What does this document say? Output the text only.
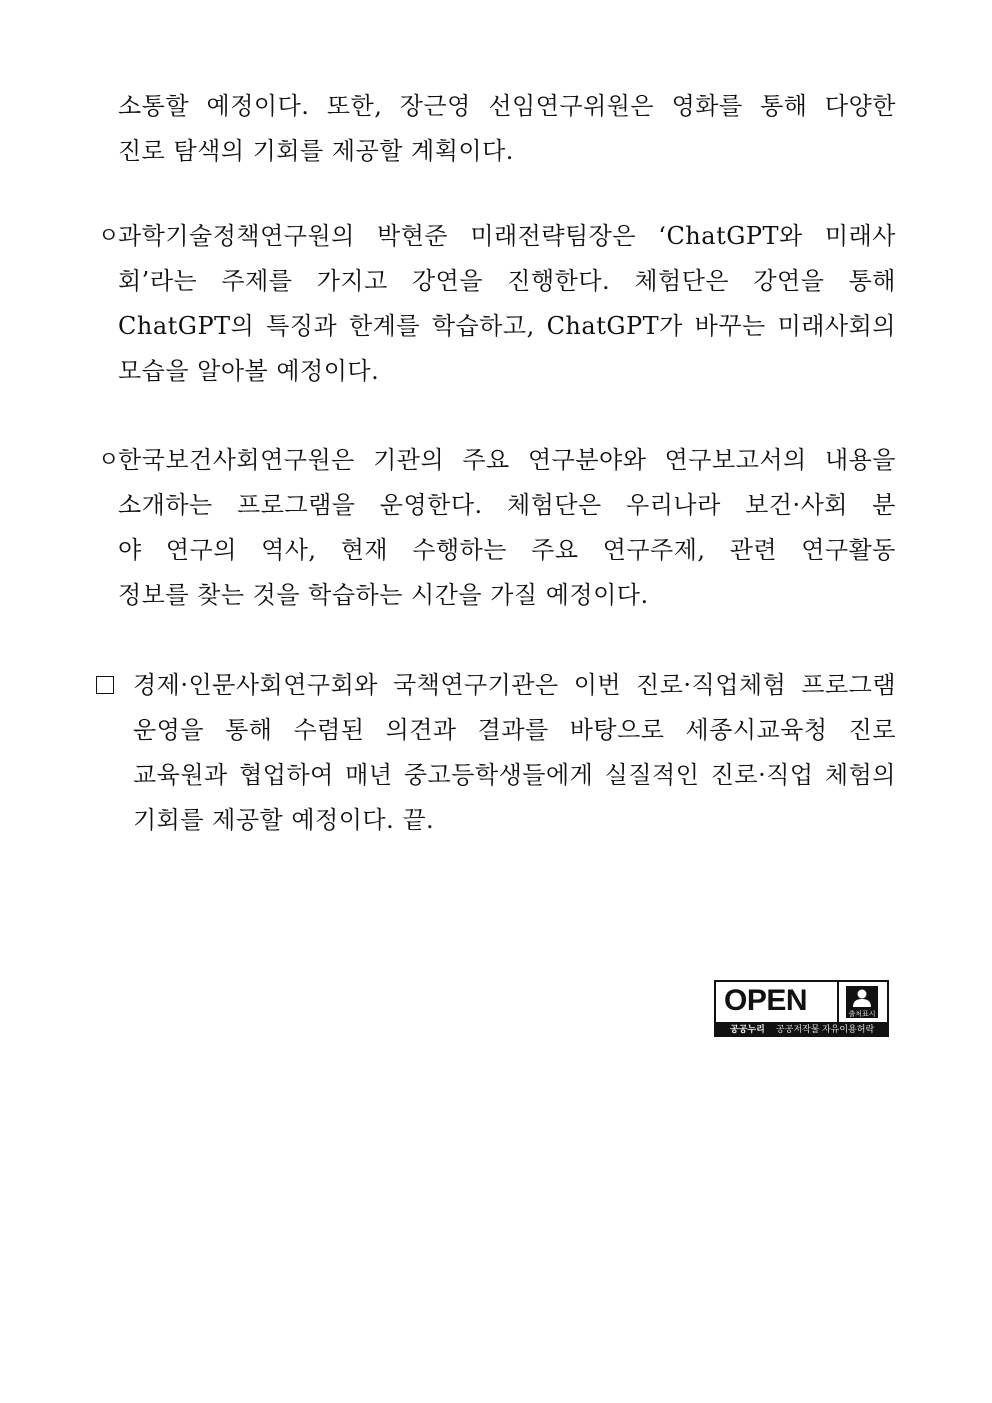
소통할 예정이다. 또한, 장근영 선임연구위원은 영화를 통해 다양한
진로 탐색의 기회를 제공할 계획이다.
ㅇ
과학기술정책연구원의 박현준 미래전략팀장은 ‘ChatGPT와 미래사
회’라는 주제를 가지고 강연을 진행한다. 체험단은 강연을 통해
ChatGPT의 특징과 한계를 학습하고, ChatGPT가 바꾸는 미래사회의
모습을 알아볼 예정이다.
ㅇ
한국보건사회연구원은 기관의 주요 연구분야와 연구보고서의 내용을
소개하는 프로그램을 운영한다. 체험단은 우리나라 보건·사회 분
야 연구의 역사, 현재 수행하는 주요 연구주제, 관련 연구활동
정보를 찾는 것을 학습하는 시간을 가질 예정이다.
경제·인문사회연구회와 국책연구기관은 이번 진로·직업체험 프로그램
운영을 통해 수렴된 의견과 결과를 바탕으로 세종시교육청 진로
교육원과 협업하여 매년 중고등학생들에게 실질적인 진로·직업 체험의
기회를 제공할 예정이다. 끝.
OPEN	출처표시
공공누리 공공저작물 자유이용허락
